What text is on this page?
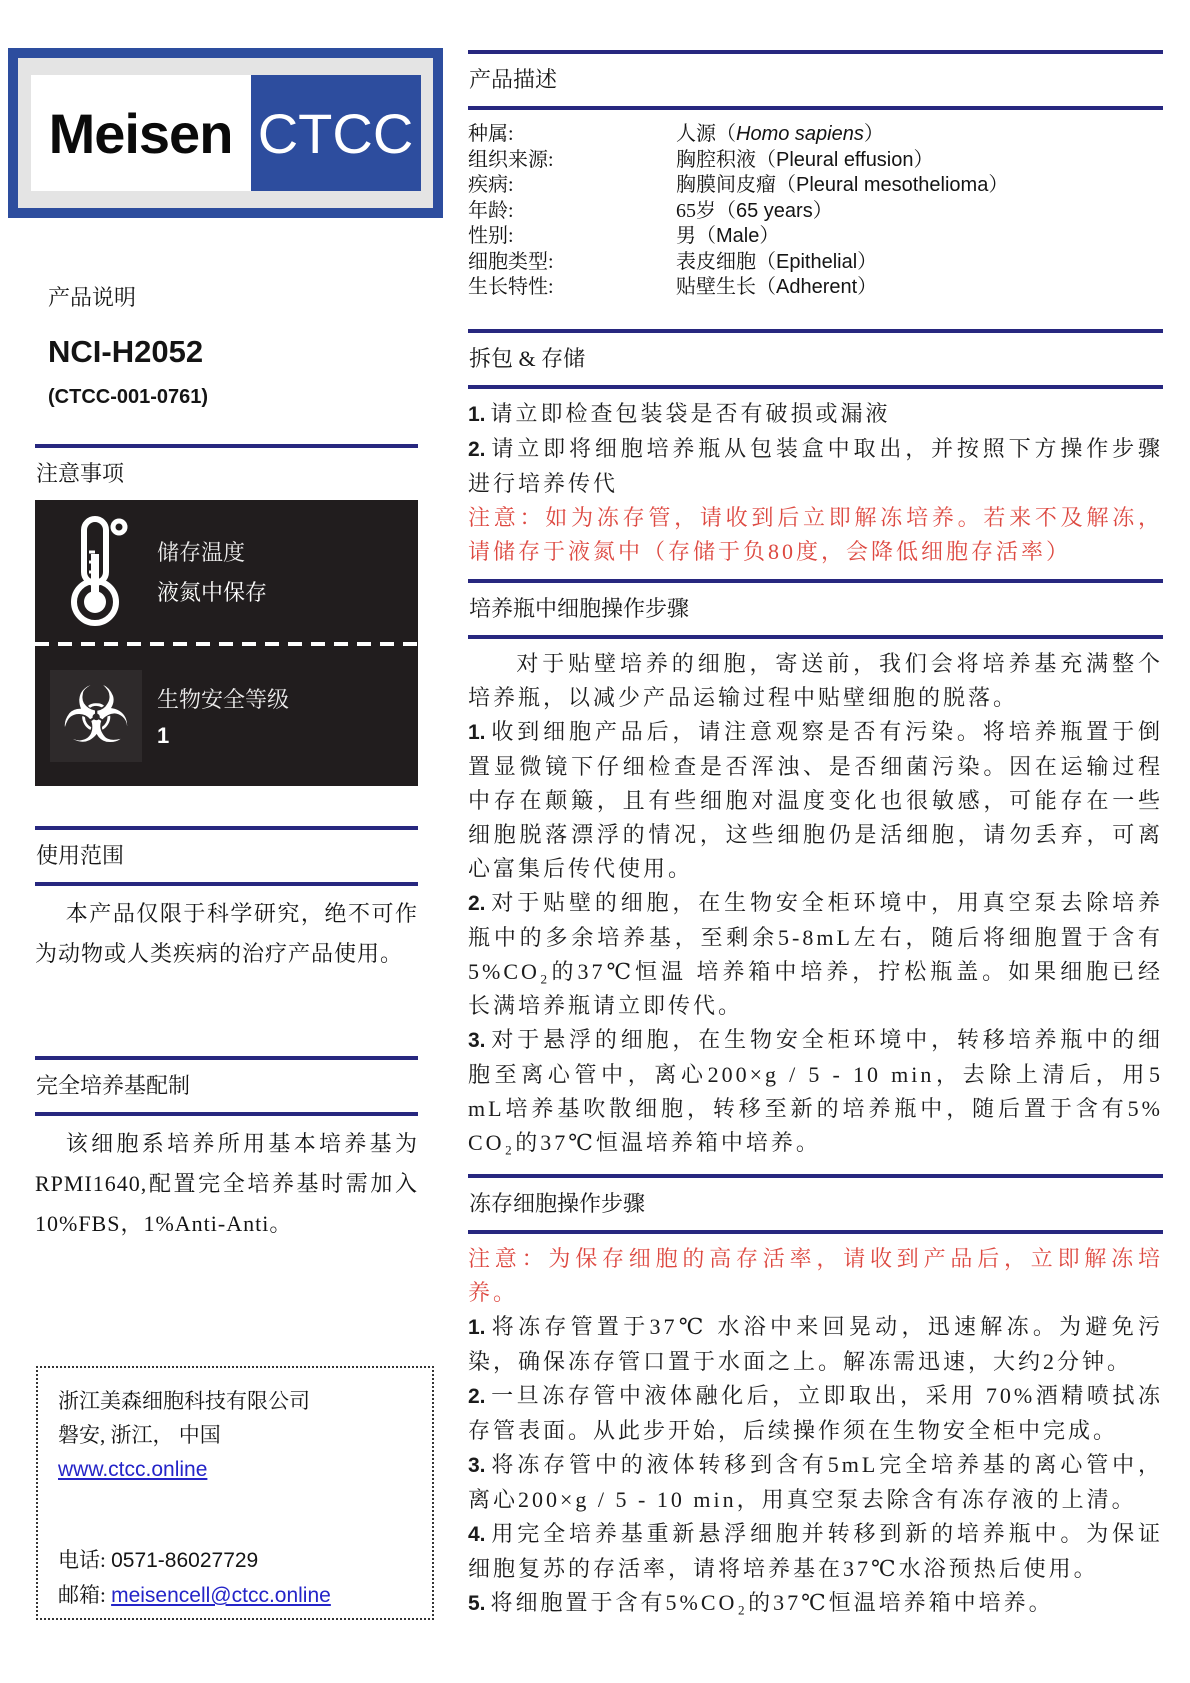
Meisen CTCC
产品说明
NCI-H2052
(CTCC-001-0761)
注意事项
储存温度
液氮中保存
☣	生物安全等级
1
使用范围

本产品仅限于科学研究，绝不可作为动物或人类疾病的治疗产品使用。

完全培养基配制

该细胞系培养所用基本培养基为RPMI1640,配置完全培养基时需加入10%FBS，1%Anti-Anti。

浙江美森细胞科技有限公司

磐安, 浙江， 中国

www.ctcc.online

电话: 0571-86027729

邮箱: meisencell@ctcc.online

产品描述
种属:	人源（Homo sapiens）
组织来源:	胸腔积液（Pleural effusion）
疾病:	胸膜间皮瘤（Pleural mesothelioma）
年龄:	65岁（65 years）
性别:	男（Male）
细胞类型:	表皮细胞（Epithelial）
生长特性:	贴壁生长（Adherent）
拆包 & 存储

1. 请立即检查包装袋是否有破损或漏液

2. 请立即将细胞培养瓶从包装盒中取出，并按照下方操作步骤进行培养传代

注意：如为冻存管，请收到后立即解冻培养。若来不及解冻，请储存于液氮中（存储于负80度，会降低细胞存活率）

培养瓶中细胞操作步骤

对于贴壁培养的细胞，寄送前，我们会将培养基充满整个培养瓶，以减少产品运输过程中贴壁细胞的脱落。

1. 收到细胞产品后，请注意观察是否有污染。将培养瓶置于倒置显微镜下仔细检查是否浑浊、是否细菌污染。因在运输过程中存在颠簸，且有些细胞对温度变化也很敏感，可能存在一些细胞脱落漂浮的情况，这些细胞仍是活细胞，请勿丢弃，可离心富集后传代使用。

2. 对于贴壁的细胞，在生物安全柜环境中，用真空泵去除培养瓶中的多余培养基，至剩余5-8mL左右，随后将细胞置于含有5%CO₂的37℃恒温 培养箱中培养，拧松瓶盖。如果细胞已经长满培养瓶请立即传代。

3. 对于悬浮的细胞，在生物安全柜环境中，转移培养瓶中的细胞至离心管中，离心200×g / 5 - 10 min，去除上清后，用5 mL培养基吹散细胞，转移至新的培养瓶中，随后置于含有5% CO₂的37℃恒温培养箱中培养。

冻存细胞操作步骤

注意：为保存细胞的高存活率，请收到产品后，立即解冻培养。

1. 将冻存管置于37℃ 水浴中来回晃动，迅速解冻。为避免污染，确保冻存管口置于水面之上。解冻需迅速，大约2分钟。

2. 一旦冻存管中液体融化后，立即取出，采用 70%酒精喷拭冻存管表面。从此步开始，后续操作须在生物安全柜中完成。

3. 将冻存管中的液体转移到含有5mL完全培养基的离心管中，离心200×g / 5 - 10 min，用真空泵去除含有冻存液的上清。

4. 用完全培养基重新悬浮细胞并转移到新的培养瓶中。为保证细胞复苏的存活率，请将培养基在37℃水浴预热后使用。

5. 将细胞置于含有5%CO₂的37℃恒温培养箱中培养。
